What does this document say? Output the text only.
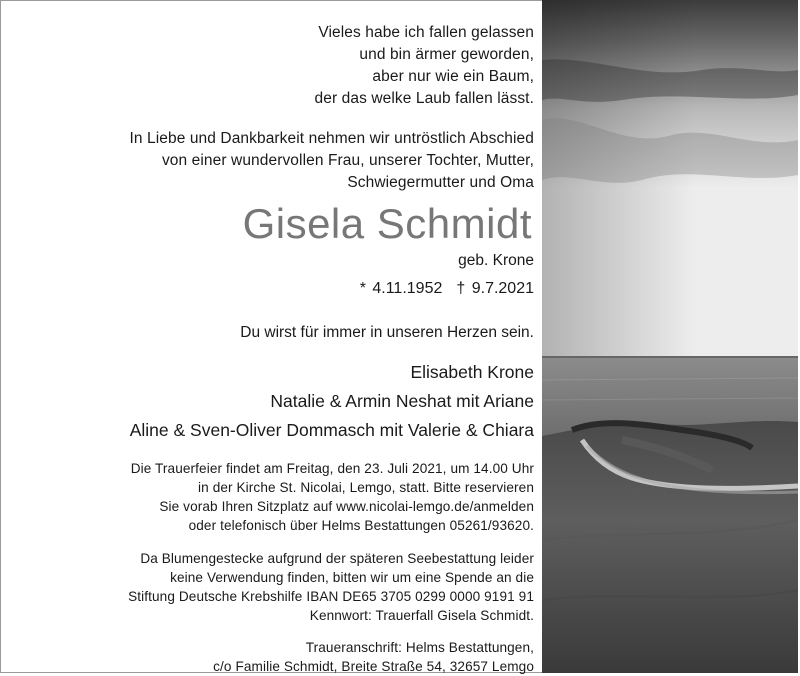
Vieles habe ich fallen gelassen
und bin ärmer geworden,
aber nur wie ein Baum,
der das welke Laub fallen lässt.
In Liebe und Dankbarkeit nehmen wir untröstlich Abschied
von einer wundervollen Frau, unserer Tochter, Mutter,
Schwiegermutter und Oma
Gisela Schmidt
geb. Krone
* 4.11.1952 † 9.7.2021
Du wirst für immer in unseren Herzen sein.
Elisabeth Krone
Natalie & Armin Neshat mit Ariane
Aline & Sven-Oliver Dommasch mit Valerie & Chiara
Die Trauerfeier findet am Freitag, den 23. Juli 2021, um 14.00 Uhr
in der Kirche St. Nicolai, Lemgo, statt. Bitte reservieren
Sie vorab Ihren Sitzplatz auf www.nicolai-lemgo.de/anmelden
oder telefonisch über Helms Bestattungen 05261/93620.
Da Blumengestecke aufgrund der späteren Seebestattung leider
keine Verwendung finden, bitten wir um eine Spende an die
Stiftung Deutsche Krebshilfe IBAN DE65 3705 0299 0000 9191 91
Kennwort: Trauerfall Gisela Schmidt.
Traueranschrift: Helms Bestattungen,
c/o Familie Schmidt, Breite Straße 54, 32657 Lemgo
